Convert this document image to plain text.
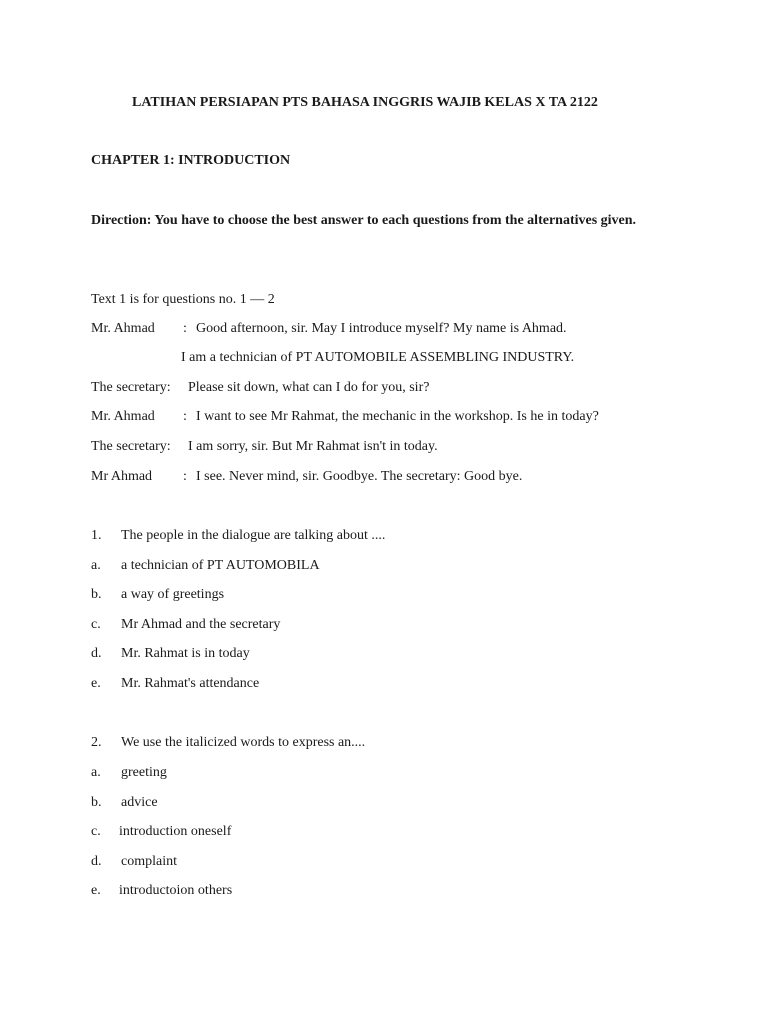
LATIHAN PERSIAPAN PTS BAHASA INGGRIS WAJIB KELAS X TA 2122
CHAPTER 1: INTRODUCTION
Direction: You have to choose the best answer to each questions from the alternatives given.
Text 1 is for questions no. 1 — 2
Mr. Ahmad : Good afternoon, sir. May I introduce myself? My name is Ahmad.
I am a technician of PT AUTOMOBILE ASSEMBLING INDUSTRY.
The secretary: Please sit down, what can I do for you, sir?
Mr. Ahmad : I want to see Mr Rahmat, the mechanic in the workshop. Is he in today?
The secretary: I am sorry, sir. But Mr Rahmat isn't in today.
Mr Ahmad : I see. Never mind, sir. Goodbye. The secretary: Good bye.
1. The people in the dialogue are talking about ....
a. a technician of PT AUTOMOBILA
b. a way of greetings
c. Mr Ahmad and the secretary
d. Mr. Rahmat is in today
e. Mr. Rahmat's attendance
2. We use the italicized words to express an....
a. greeting
b. advice
c. introduction oneself
d. complaint
e. introductoion others
